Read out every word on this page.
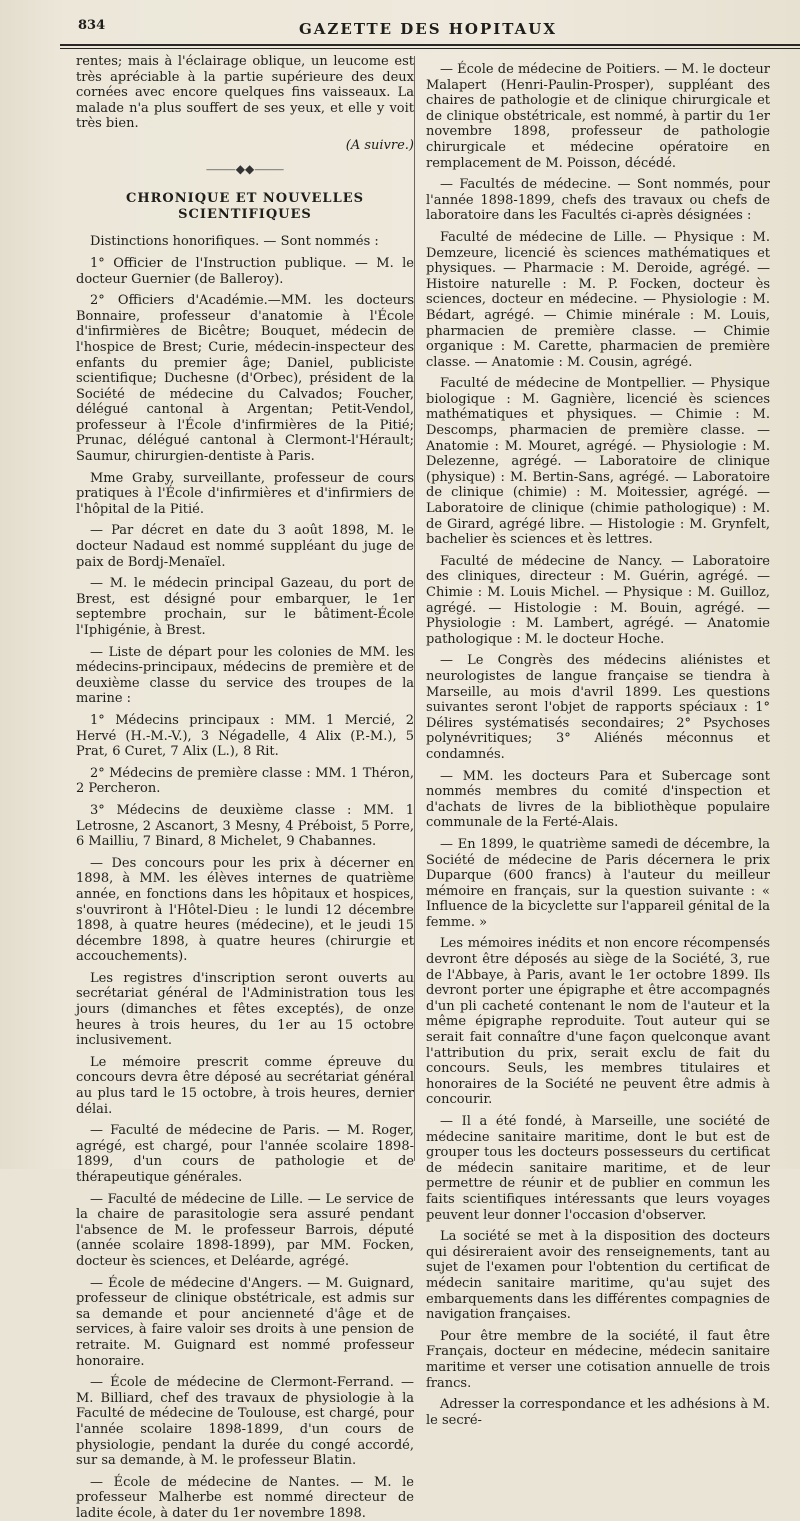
834	GAZETTE DES HOPITAUX

rentes; mais à l'éclairage oblique, un leucome est très apréciable à la partie supérieure des deux cornées avec encore quelques fins vaisseaux. La malade n'a plus souffert de ses yeux, et elle y voit très bien.

(A suivre.)
⸻◆◆⸻
CHRONIQUE ET NOUVELLES SCIENTIFIQUES

Distinctions honorifiques. — Sont nommés :

1° Officier de l'Instruction publique. — M. le docteur Guernier (de Balleroy).

2° Officiers d'Académie.—MM. les docteurs Bonnaire, professeur d'anatomie à l'École d'infirmières de Bicêtre; Bouquet, médecin de l'hospice de Brest; Curie, médecin-inspecteur des enfants du premier âge; Daniel, publiciste scientifique; Duchesne (d'Orbec), président de la Société de médecine du Calvados; Foucher, délégué cantonal à Argentan; Petit-Vendol, professeur à l'École d'infirmières de la Pitié; Prunac, délégué cantonal à Clermont-l'Hérault; Saumur, chirurgien-dentiste à Paris.

Mme Graby, surveillante, professeur de cours pratiques à l'École d'infirmières et d'infirmiers de l'hôpital de la Pitié.

— Par décret en date du 3 août 1898, M. le docteur Nadaud est nommé suppléant du juge de paix de Bordj-Menaïel.

— M. le médecin principal Gazeau, du port de Brest, est désigné pour embarquer, le 1er septembre prochain, sur le bâtiment-École l'Iphigénie, à Brest.

— Liste de départ pour les colonies de MM. les médecins-principaux, médecins de première et de deuxième classe du service des troupes de la marine :

1° Médecins principaux : MM. 1 Mercié, 2 Hervé (H.-M.-V.), 3 Négadelle, 4 Alix (P.-M.), 5 Prat, 6 Curet, 7 Alix (L.), 8 Rit.

2° Médecins de première classe : MM. 1 Théron, 2 Percheron.

3° Médecins de deuxième classe : MM. 1 Letrosne, 2 Ascanort, 3 Mesny, 4 Préboist, 5 Porre, 6 Mailliu, 7 Binard, 8 Michelet, 9 Chabannes.

— Des concours pour les prix à décerner en 1898, à MM. les élèves internes de quatrième année, en fonctions dans les hôpitaux et hospices, s'ouvriront à l'Hôtel-Dieu : le lundi 12 décembre 1898, à quatre heures (médecine), et le jeudi 15 décembre 1898, à quatre heures (chirurgie et accouchements).

Les registres d'inscription seront ouverts au secrétariat général de l'Administration tous les jours (dimanches et fêtes exceptés), de onze heures à trois heures, du 1er au 15 octobre inclusivement.

Le mémoire prescrit comme épreuve du concours devra être déposé au secrétariat général au plus tard le 15 octobre, à trois heures, dernier délai.

— Faculté de médecine de Paris. — M. Roger, agrégé, est chargé, pour l'année scolaire 1898-1899, d'un cours de pathologie et de thérapeutique générales.

— Faculté de médecine de Lille. — Le service de la chaire de parasitologie sera assuré pendant l'absence de M. le professeur Barrois, député (année scolaire 1898-1899), par MM. Focken, docteur ès sciences, et Deléarde, agrégé.

— École de médecine d'Angers. — M. Guignard, professeur de clinique obstétricale, est admis sur sa demande et pour ancienneté d'âge et de services, à faire valoir ses droits à une pension de retraite. M. Guignard est nommé professeur honoraire.

— École de médecine de Clermont-Ferrand. — M. Billiard, chef des travaux de physiologie à la Faculté de médecine de Toulouse, est chargé, pour l'année scolaire 1898-1899, d'un cours de physiologie, pendant la durée du congé accordé, sur sa demande, à M. le professeur Blatin.

— École de médecine de Nantes. — M. le professeur Malherbe est nommé directeur de ladite école, à dater du 1er novembre 1898.

— École de médecine de Poitiers. — M. le docteur Malapert (Henri-Paulin-Prosper), suppléant des chaires de pathologie et de clinique chirurgicale et de clinique obstétricale, est nommé, à partir du 1er novembre 1898, professeur de pathologie chirurgicale et médecine opératoire en remplacement de M. Poisson, décédé.

— Facultés de médecine. — Sont nommés, pour l'année 1898-1899, chefs des travaux ou chefs de laboratoire dans les Facultés ci-après désignées :

Faculté de médecine de Lille. — Physique : M. Demzeure, licencié ès sciences mathématiques et physiques. — Pharmacie : M. Deroide, agrégé. — Histoire naturelle : M. P. Focken, docteur ès sciences, docteur en médecine. — Physiologie : M. Bédart, agrégé. — Chimie minérale : M. Louis, pharmacien de première classe. — Chimie organique : M. Carette, pharmacien de première classe. — Anatomie : M. Cousin, agrégé.

Faculté de médecine de Montpellier. — Physique biologique : M. Gagnière, licencié ès sciences mathématiques et physiques. — Chimie : M. Descomps, pharmacien de première classe. — Anatomie : M. Mouret, agrégé. — Physiologie : M. Delezenne, agrégé. — Laboratoire de clinique (physique) : M. Bertin-Sans, agrégé. — Laboratoire de clinique (chimie) : M. Moitessier, agrégé. — Laboratoire de clinique (chimie pathologique) : M. de Girard, agrégé libre. — Histologie : M. Grynfelt, bachelier ès sciences et ès lettres.

Faculté de médecine de Nancy. — Laboratoire des cliniques, directeur : M. Guérin, agrégé. — Chimie : M. Louis Michel. — Physique : M. Guilloz, agrégé. — Histologie : M. Bouin, agrégé. — Physiologie : M. Lambert, agrégé. — Anatomie pathologique : M. le docteur Hoche.

— Le Congrès des médecins aliénistes et neurologistes de langue française se tiendra à Marseille, au mois d'avril 1899. Les questions suivantes seront l'objet de rapports spéciaux : 1° Délires systématisés secondaires; 2° Psychoses polynévritiques; 3° Aliénés méconnus et condamnés.

— MM. les docteurs Para et Subercage sont nommés membres du comité d'inspection et d'achats de livres de la bibliothèque populaire communale de la Ferté-Alais.

— En 1899, le quatrième samedi de décembre, la Société de médecine de Paris décernera le prix Duparque (600 francs) à l'auteur du meilleur mémoire en français, sur la question suivante : « Influence de la bicyclette sur l'appareil génital de la femme. »

Les mémoires inédits et non encore récompensés devront être déposés au siège de la Société, 3, rue de l'Abbaye, à Paris, avant le 1er octobre 1899. Ils devront porter une épigraphe et être accompagnés d'un pli cacheté contenant le nom de l'auteur et la même épigraphe reproduite. Tout auteur qui se serait fait connaître d'une façon quelconque avant l'attribution du prix, serait exclu de fait du concours. Seuls, les membres titulaires et honoraires de la Société ne peuvent être admis à concourir.

— Il a été fondé, à Marseille, une société de médecine sanitaire maritime, dont le but est de grouper tous les docteurs possesseurs du certificat de médecin sanitaire maritime, et de leur permettre de réunir et de publier en commun les faits scientifiques intéressants que leurs voyages peuvent leur donner l'occasion d'observer.

La société se met à la disposition des docteurs qui désireraient avoir des renseignements, tant au sujet de l'examen pour l'obtention du certificat de médecin sanitaire maritime, qu'au sujet des embarquements dans les différentes compagnies de navigation françaises.

Pour être membre de la société, il faut être Français, docteur en médecine, médecin sanitaire maritime et verser une cotisation annuelle de trois francs.

Adresser la correspondance et les adhésions à M. le secré-
